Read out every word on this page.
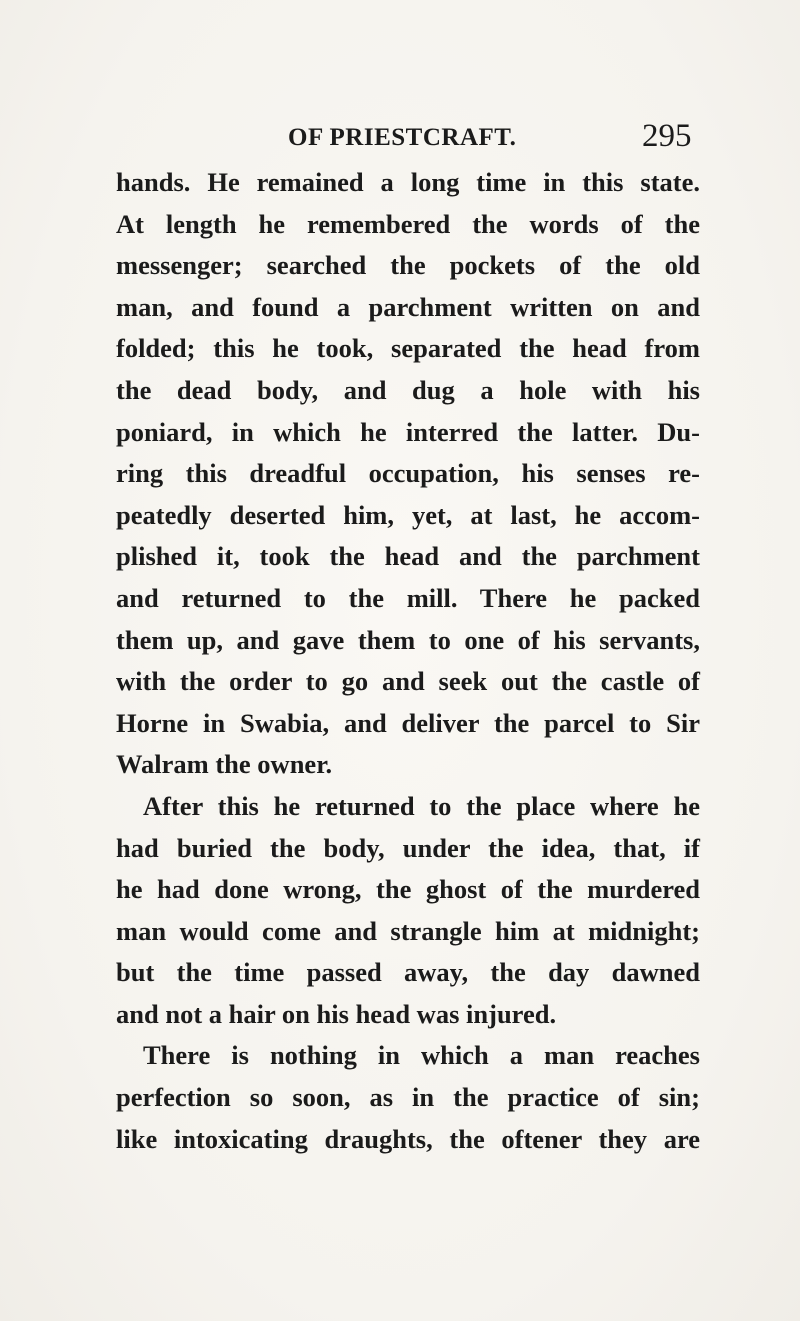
OF PRIESTCRAFT.	295
hands. He remained a long time in this state.
At length he remembered the words of the
messenger; searched the pockets of the old
man, and found a parchment written on and
folded; this he took, separated the head from
the dead body, and dug a hole with his
poniard, in which he interred the latter. Du-
ring this dreadful occupation, his senses re-
peatedly deserted him, yet, at last, he accom-
plished it, took the head and the parchment
and returned to the mill. There he packed
them up, and gave them to one of his servants,
with the order to go and seek out the castle of
Horne in Swabia, and deliver the parcel to Sir
Walram the owner.
After this he returned to the place where he
had buried the body, under the idea, that, if
he had done wrong, the ghost of the murdered
man would come and strangle him at midnight;
but the time passed away, the day dawned
and not a hair on his head was injured.
There is nothing in which a man reaches
perfection so soon, as in the practice of sin;
like intoxicating draughts, the oftener they are
